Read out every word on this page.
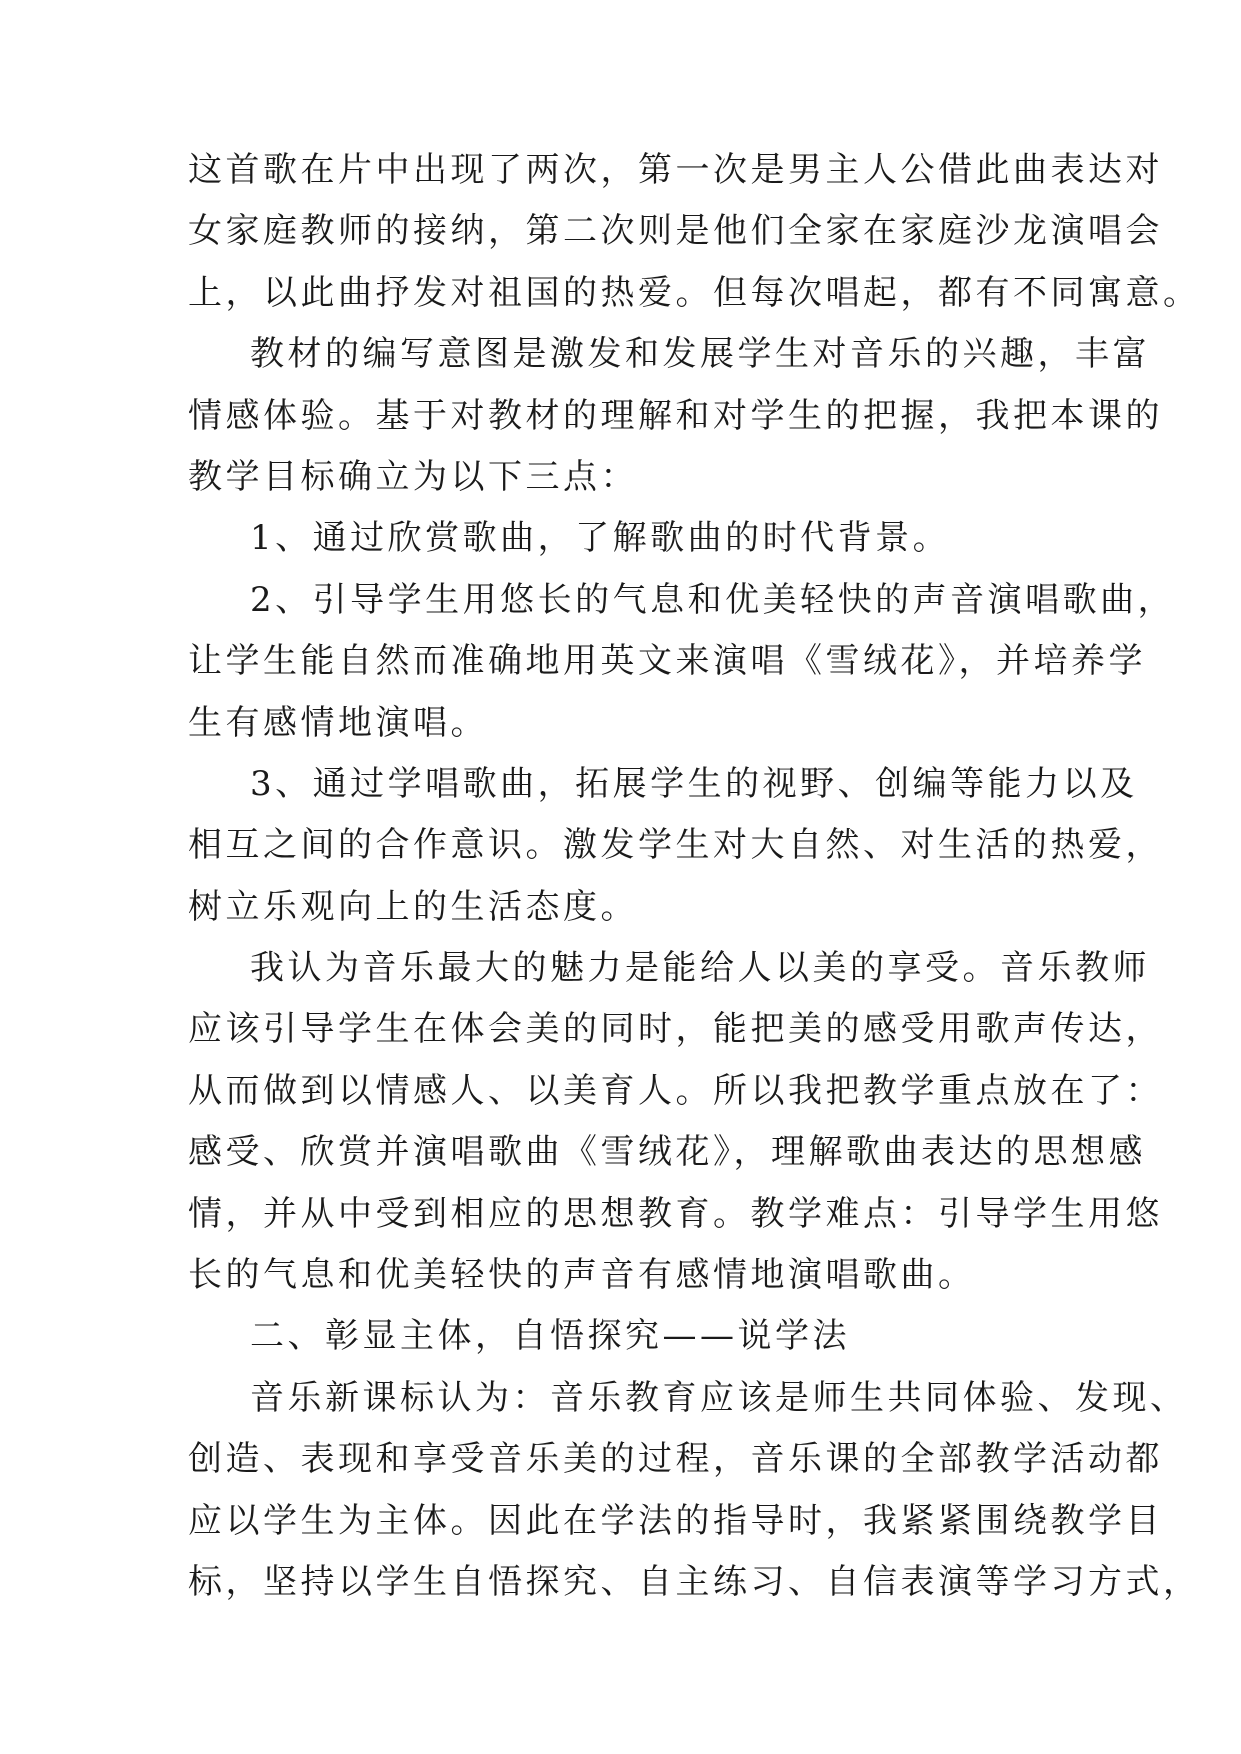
这首歌在片中出现了两次，第一次是男主人公借此曲表达对
女家庭教师的接纳，第二次则是他们全家在家庭沙龙演唱会
上，以此曲抒发对祖国的热爱。但每次唱起，都有不同寓意。
教材的编写意图是激发和发展学生对音乐的兴趣，丰富
情感体验。基于对教材的理解和对学生的把握，我把本课的
教学目标确立为以下三点：
1、通过欣赏歌曲，了解歌曲的时代背景。
2、引导学生用悠长的气息和优美轻快的声音演唱歌曲，
让学生能自然而准确地用英文来演唱《雪绒花》，并培养学
生有感情地演唱。
3、通过学唱歌曲，拓展学生的视野、创编等能力以及
相互之间的合作意识。激发学生对大自然、对生活的热爱，
树立乐观向上的生活态度。
我认为音乐最大的魅力是能给人以美的享受。音乐教师
应该引导学生在体会美的同时，能把美的感受用歌声传达，
从而做到以情感人、以美育人。所以我把教学重点放在了：
感受、欣赏并演唱歌曲《雪绒花》，理解歌曲表达的思想感
情，并从中受到相应的思想教育。教学难点：引导学生用悠
长的气息和优美轻快的声音有感情地演唱歌曲。
二、彰显主体，自悟探究——说学法
音乐新课标认为：音乐教育应该是师生共同体验、发现、
创造、表现和享受音乐美的过程，音乐课的全部教学活动都
应以学生为主体。因此在学法的指导时，我紧紧围绕教学目
标，坚持以学生自悟探究、自主练习、自信表演等学习方式，
